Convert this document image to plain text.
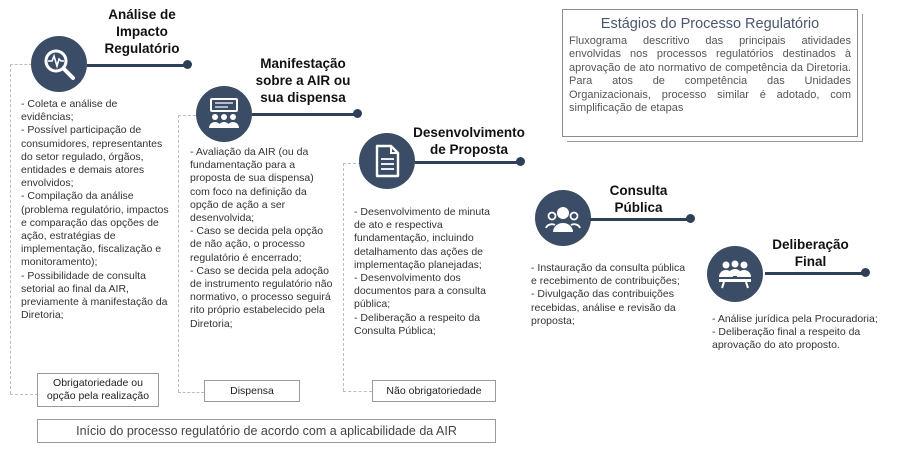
Estágios do Processo Regulatório
Fluxograma descritivo das principais atividades envolvidas nos processos regulatórios destinados à aprovação de ato normativo de competência da Diretoria. Para atos de competência das Unidades Organizacionais, processo similar é adotado, com simplificação de etapas
Análise de Impacto Regulatório
- Coleta e análise de evidências;
- Possível participação de consumidores, representantes do setor regulado, órgãos, entidades e demais atores envolvidos;
- Compilação da análise (problema regulatório, impactos e comparação das opções de ação, estratégias de implementação, fiscalização e monitoramento);
- Possibilidade de consulta setorial ao final da AIR, previamente à manifestação da Diretoria;
Obrigatoriedade ou opção pela realização
Manifestação sobre a AIR ou sua dispensa
- Avaliação da AIR (ou da fundamentação para a proposta de sua dispensa) com foco na definição da opção de ação a ser desenvolvida;
- Caso se decida pela opção de não ação, o processo regulatório é encerrado;
- Caso se decida pela adoção de instrumento regulatório não normativo, o processo seguirá rito próprio estabelecido pela Diretoria;
Dispensa
Desenvolvimento de Proposta
- Desenvolvimento de minuta de ato e respectiva fundamentação, incluindo detalhamento das ações de implementação planejadas;
- Desenvolvimento dos documentos para a consulta pública;
- Deliberação a respeito da Consulta Pública;
Não obrigatoriedade
Consulta Pública
- Instauração da consulta pública e recebimento de contribuições;
- Divulgação das contribuições recebidas, análise e revisão da proposta;
Deliberação Final
- Análise jurídica pela Procuradoria;
- Deliberação final a respeito da aprovação do ato proposto.
Início do processo regulatório de acordo com a aplicabilidade da AIR
